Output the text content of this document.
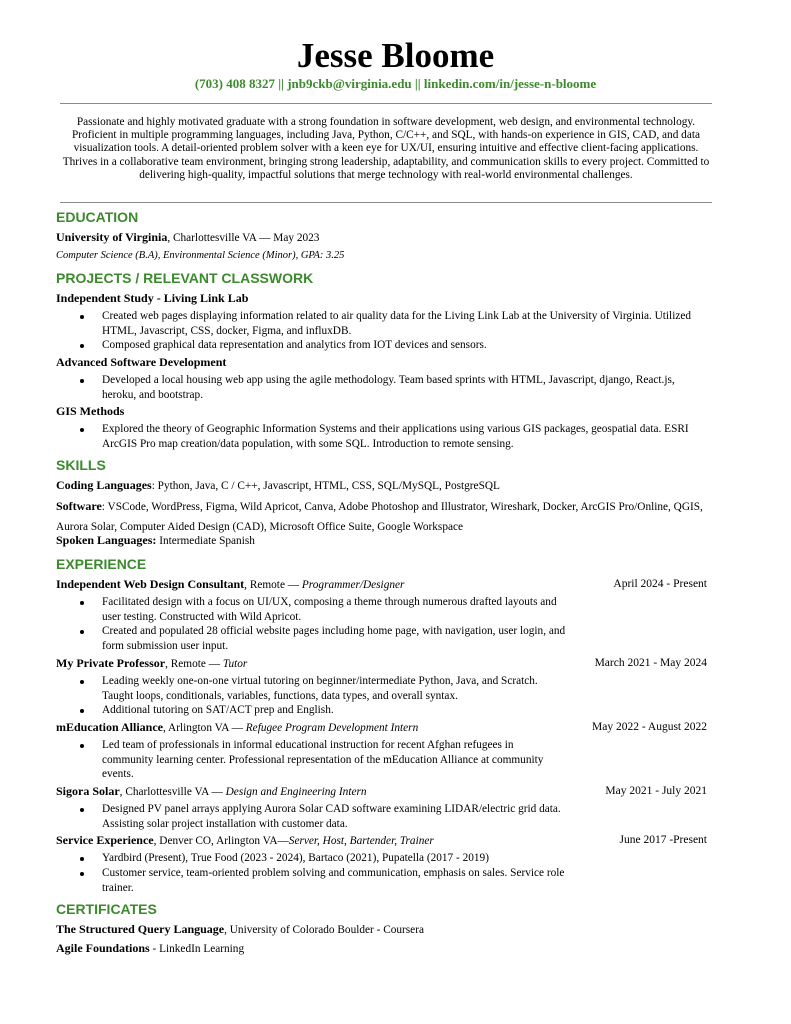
Jesse Bloome
(703) 408 8327 || jnb9ckb@virginia.edu || linkedin.com/in/jesse-n-bloome
Passionate and highly motivated graduate with a strong foundation in software development, web design, and environmental technology. Proficient in multiple programming languages, including Java, Python, C/C++, and SQL, with hands-on experience in GIS, CAD, and data visualization tools. A detail-oriented problem solver with a keen eye for UX/UI, ensuring intuitive and effective client-facing applications. Thrives in a collaborative team environment, bringing strong leadership, adaptability, and communication skills to every project. Committed to delivering high-quality, impactful solutions that merge technology with real-world environmental challenges.
EDUCATION
University of Virginia, Charlottesville VA — May 2023
Computer Science (B.A), Environmental Science (Minor), GPA: 3.25
PROJECTS / RELEVANT CLASSWORK
Independent Study - Living Link Lab
Created web pages displaying information related to air quality data for the Living Link Lab at the University of Virginia. Utilized HTML, Javascript, CSS, docker, Figma, and influxDB.
Composed graphical data representation and analytics from IOT devices and sensors.
Advanced Software Development
Developed a local housing web app using the agile methodology. Team based sprints with HTML, Javascript, django, React.js, heroku, and bootstrap.
GIS Methods
Explored the theory of Geographic Information Systems and their applications using various GIS packages, geospatial data. ESRI ArcGIS Pro map creation/data population, with some SQL. Introduction to remote sensing.
SKILLS
Coding Languages: Python, Java, C / C++, Javascript, HTML, CSS, SQL/MySQL, PostgreSQL
Software: VSCode, WordPress, Figma, Wild Apricot, Canva, Adobe Photoshop and Illustrator, Wireshark, Docker, ArcGIS Pro/Online, QGIS, Aurora Solar, Computer Aided Design (CAD), Microsoft Office Suite, Google Workspace
Spoken Languages: Intermediate Spanish
EXPERIENCE
Independent Web Design Consultant, Remote — Programmer/Designer	April 2024 - Present
Facilitated design with a focus on UI/UX, composing a theme through numerous drafted layouts and user testing. Constructed with Wild Apricot.
Created and populated 28 official website pages including home page, with navigation, user login, and form submission user input.
My Private Professor, Remote — Tutor	March 2021 - May 2024
Leading weekly one-on-one virtual tutoring on beginner/intermediate Python, Java, and Scratch. Taught loops, conditionals, variables, functions, data types, and overall syntax.
Additional tutoring on SAT/ACT prep and English.
mEducation Alliance, Arlington VA — Refugee Program Development Intern	May 2022 - August 2022
Led team of professionals in informal educational instruction for recent Afghan refugees in community learning center. Professional representation of the mEducation Alliance at community events.
Sigora Solar, Charlottesville VA — Design and Engineering Intern	May 2021 - July 2021
Designed PV panel arrays applying Aurora Solar CAD software examining LIDAR/electric grid data. Assisting solar project installation with customer data.
Service Experience, Denver CO, Arlington VA—Server, Host, Bartender, Trainer	June 2017 -Present
Yardbird (Present), True Food (2023 - 2024), Bartaco (2021), Pupatella (2017 - 2019)
Customer service, team-oriented problem solving and communication, emphasis on sales. Service role trainer.
CERTIFICATES
The Structured Query Language, University of Colorado Boulder - Coursera
Agile Foundations - LinkedIn Learning
